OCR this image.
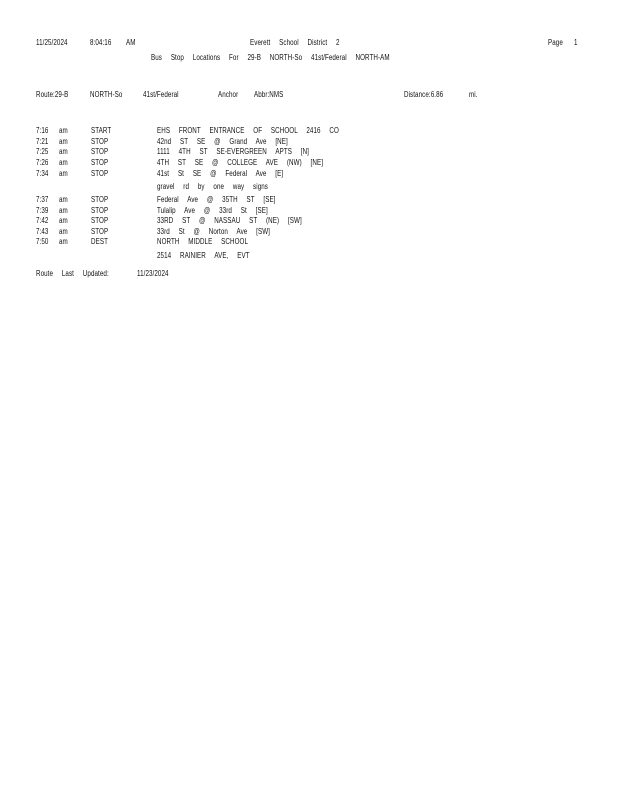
11/25/2024	8:04:16 AM	Everett School District 2	Page 1
Bus Stop Locations For 29-B NORTH-So 41st/Federal NORTH-AM
Route:29-B	NORTH-So	41st/Federal	Anchor Abbr:NMS	Distance:6.86	mi.
7:16 am	START	EHS FRONT ENTRANCE OF SCHOOL 2416 CO
7:21 am	STOP	42nd ST SE @ Grand Ave [NE]
7:25 am	STOP	1111 4TH ST SE-EVERGREEN APTS [N]
7:26 am	STOP	4TH ST SE @ COLLEGE AVE (NW) [NE]
7:34 am	STOP	41st St SE @ Federal Ave [E]
gravel rd by one way signs
7:37 am	STOP	Federal Ave @ 35TH ST [SE]
7:39 am	STOP	Tulalip Ave @ 33rd St [SE]
7:42 am	STOP	33RD ST @ NASSAU ST (NE) [SW]
7:43 am	STOP	33rd St @ Norton Ave [SW]
7:50 am	DEST	NORTH MIDDLE SCHOOL
2514 RAINIER AVE, EVT
Route Last Updated:	11/23/2024
